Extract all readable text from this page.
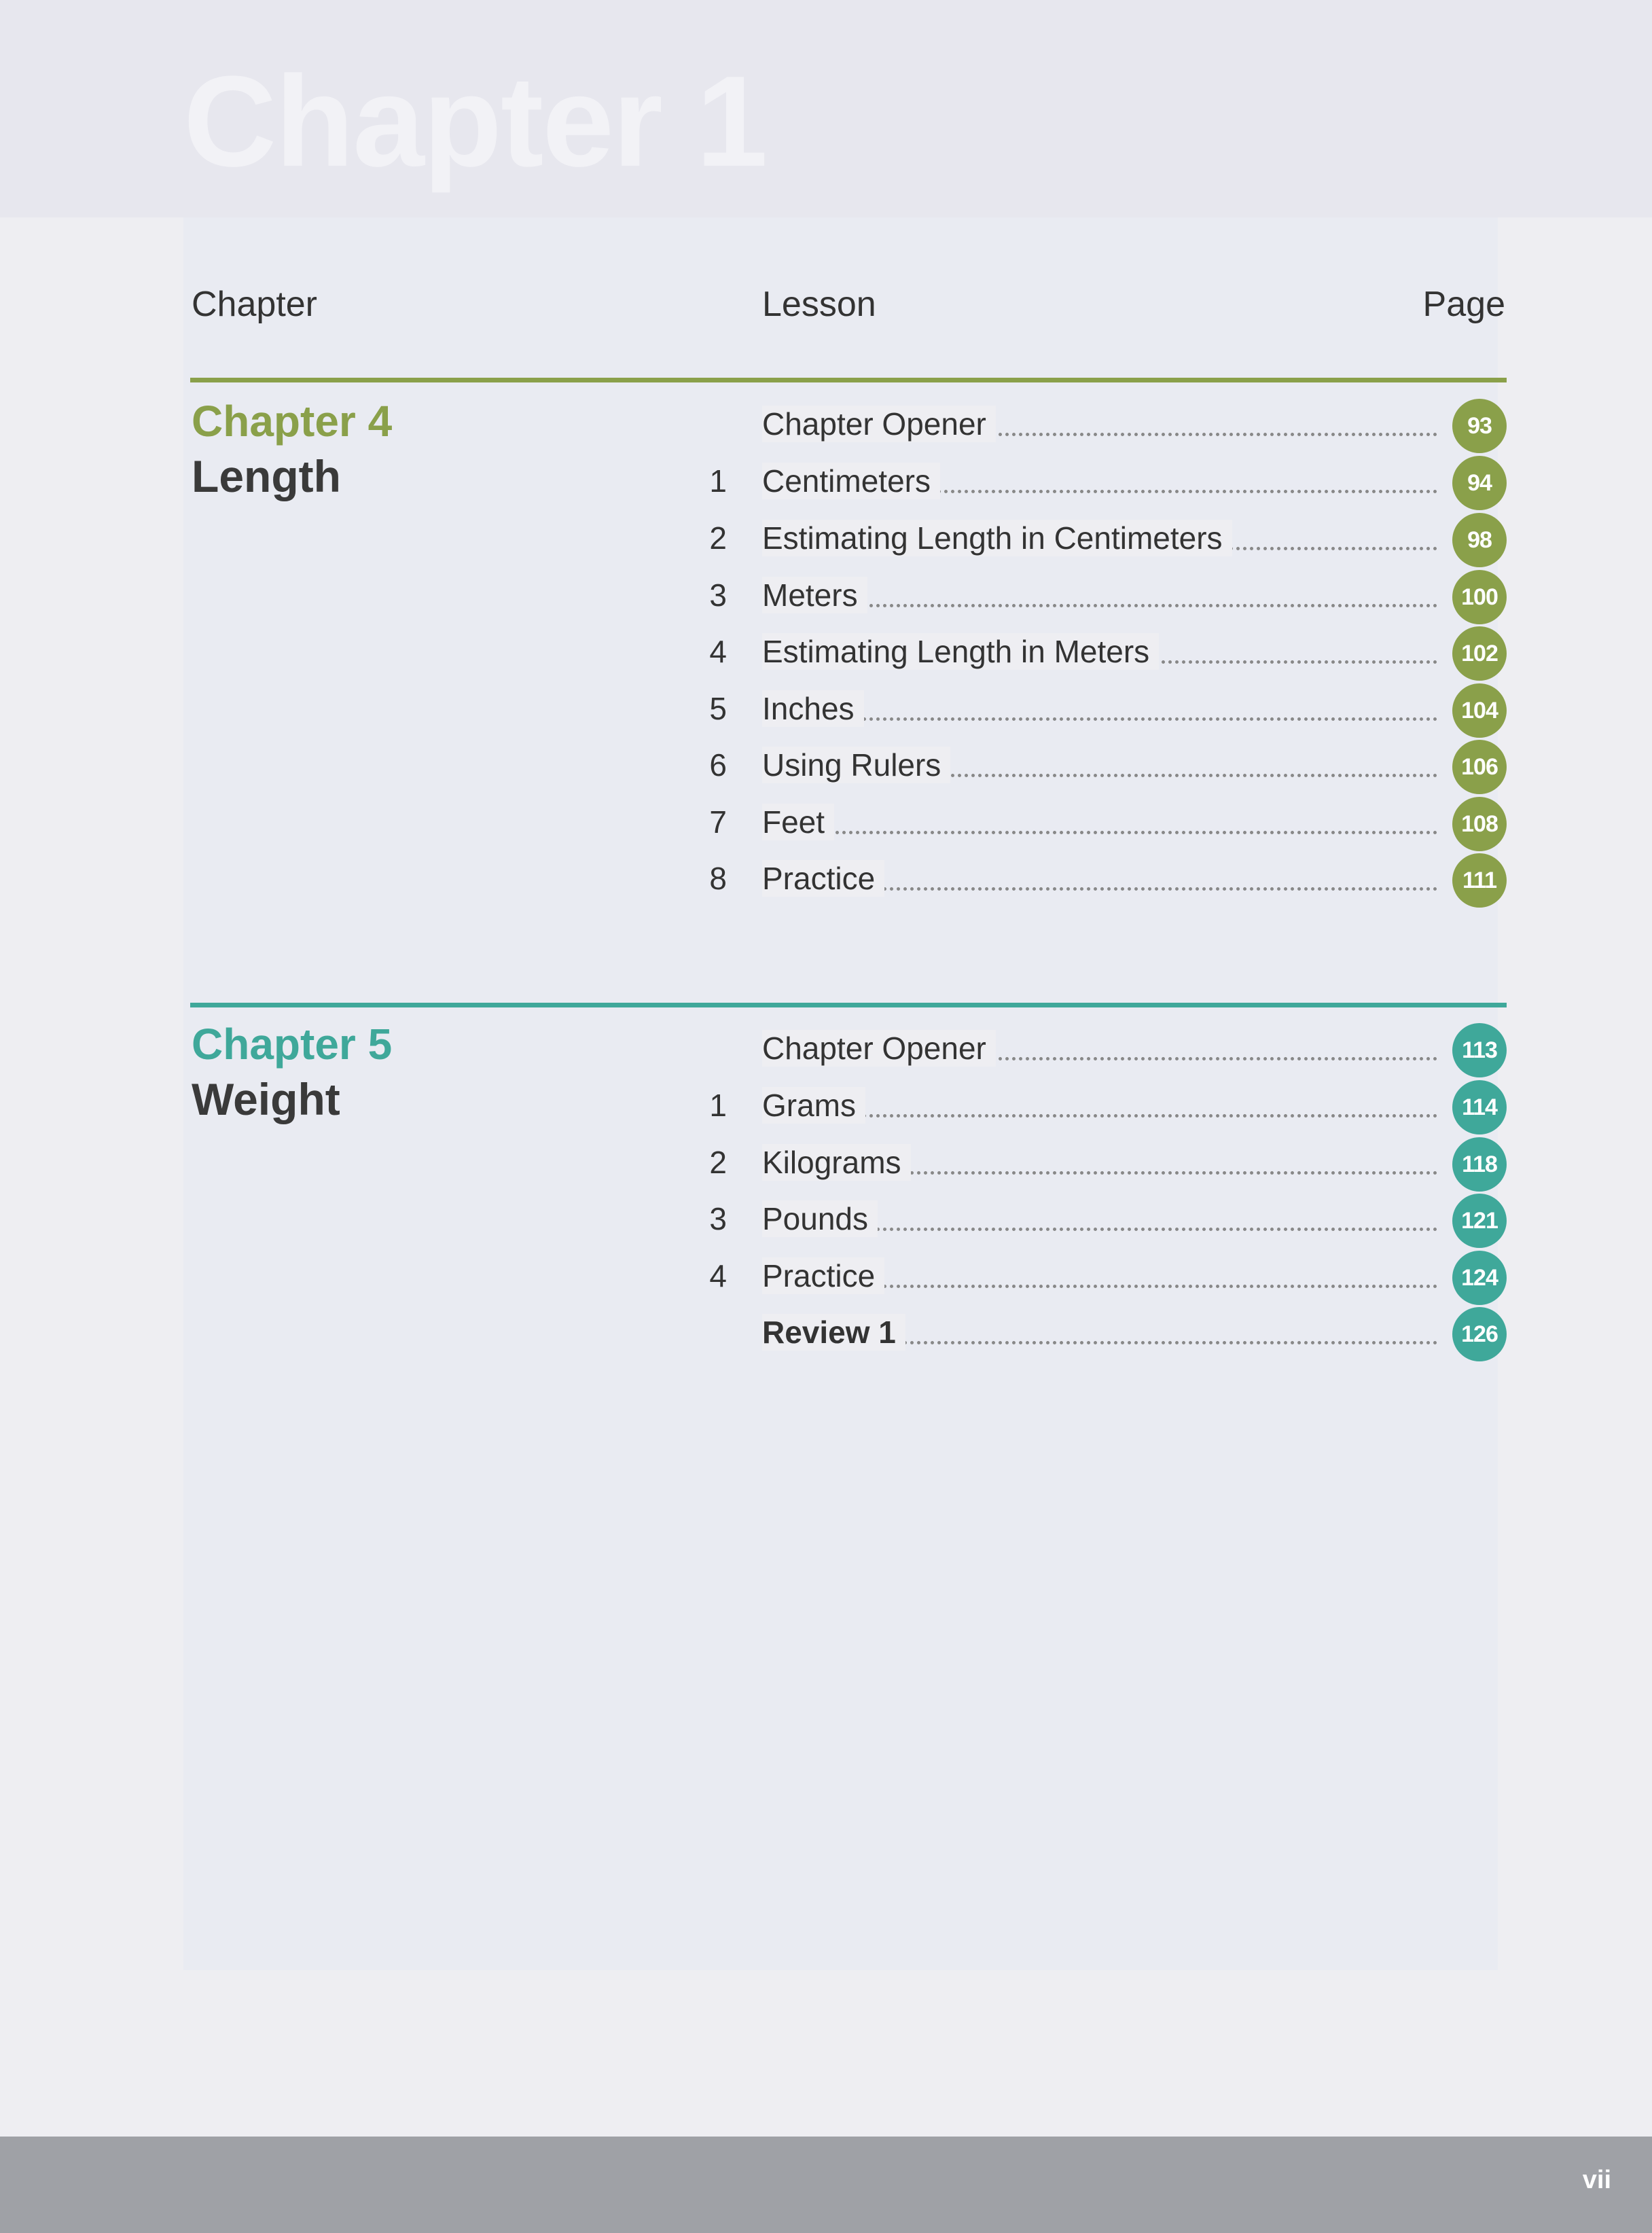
Chapter 1
Chapter	Lesson	Page
Chapter 4
Length
Chapter Opener	93
1 Centimeters	94
2 Estimating Length in Centimeters	98
3 Meters	100
4 Estimating Length in Meters	102
5 Inches	104
6 Using Rulers	106
7 Feet	108
8 Practice	111
Chapter 5
Weight
Chapter Opener	113
1 Grams	114
2 Kilograms	118
3 Pounds	121
4 Practice	124
Review 1	126
vii
